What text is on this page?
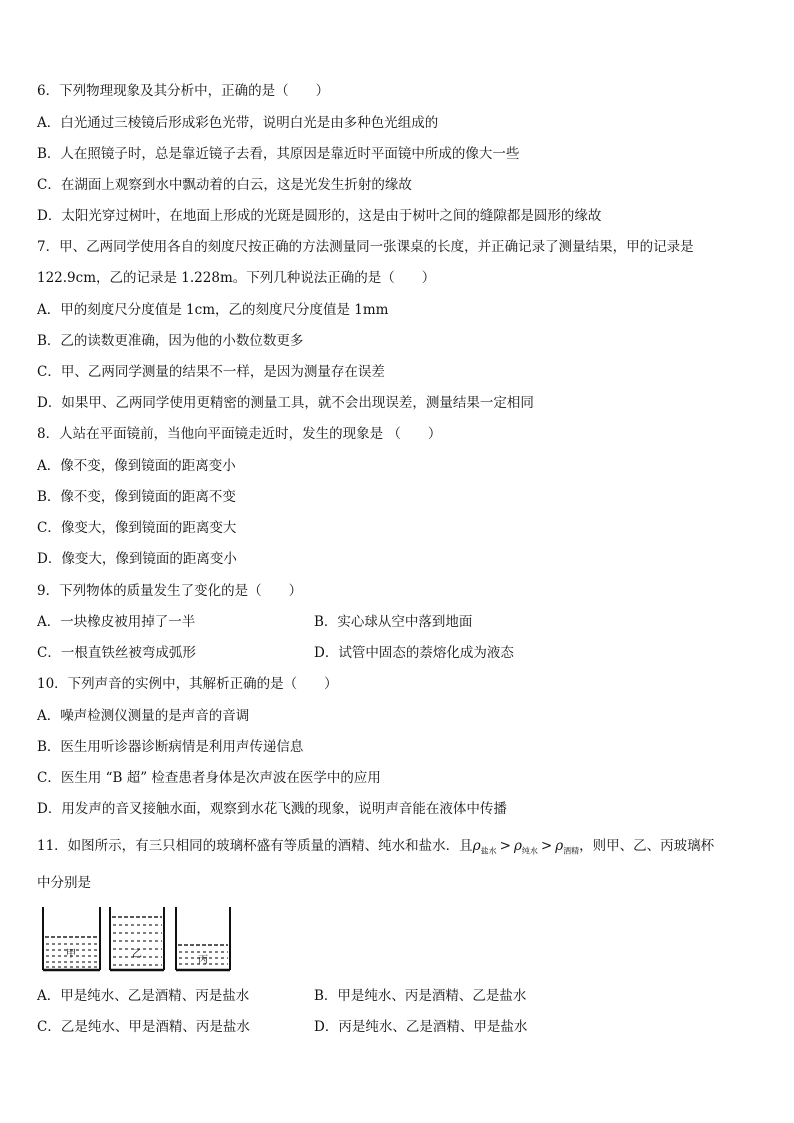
6．下列物理现象及其分析中，正确的是（　　）
A．白光通过三棱镜后形成彩色光带，说明白光是由多种色光组成的
B．人在照镜子时，总是靠近镜子去看，其原因是靠近时平面镜中所成的像大一些
C．在湖面上观察到水中飘动着的白云，这是光发生折射的缘故
D．太阳光穿过树叶，在地面上形成的光斑是圆形的，这是由于树叶之间的缝隙都是圆形的缘故
7．甲、乙两同学使用各自的刻度尺按正确的方法测量同一张课桌的长度，并正确记录了测量结果，甲的记录是
122.9cm，乙的记录是 1.228m。下列几种说法正确的是（　　）
A．甲的刻度尺分度值是 1cm，乙的刻度尺分度值是 1mm
B．乙的读数更准确，因为他的小数位数更多
C．甲、乙两同学测量的结果不一样，是因为测量存在误差
D．如果甲、乙两同学使用更精密的测量工具，就不会出现误差，测量结果一定相同
8．人站在平面镜前，当他向平面镜走近时，发生的现象是 （　　）
A．像不变，像到镜面的距离变小
B．像不变，像到镜面的距离不变
C．像变大，像到镜面的距离变大
D．像变大，像到镜面的距离变小
9．下列物体的质量发生了变化的是（　　）
A．一块橡皮被用掉了一半	B．实心球从空中落到地面
C．一根直铁丝被弯成弧形	D．试管中固态的萘熔化成为液态
10．下列声音的实例中，其解析正确的是（　　）
A．噪声检测仪测量的是声音的音调
B．医生用听诊器诊断病情是利用声传递信息
C．医生用 “B 超” 检查患者身体是次声波在医学中的应用
D．用发声的音叉接触水面，观察到水花飞溅的现象，说明声音能在液体中传播
11．如图所示，有三只相同的玻璃杯盛有等质量的酒精、纯水和盐水．且$\rho_{盐水} > \rho_{纯水} > \rho_{酒精}$，则甲、乙、丙玻璃杯
中分别是
甲	乙
丙
A．甲是纯水、乙是酒精、丙是盐水	B．甲是纯水、丙是酒精、乙是盐水
C．乙是纯水、甲是酒精、丙是盐水	D．丙是纯水、乙是酒精、甲是盐水
